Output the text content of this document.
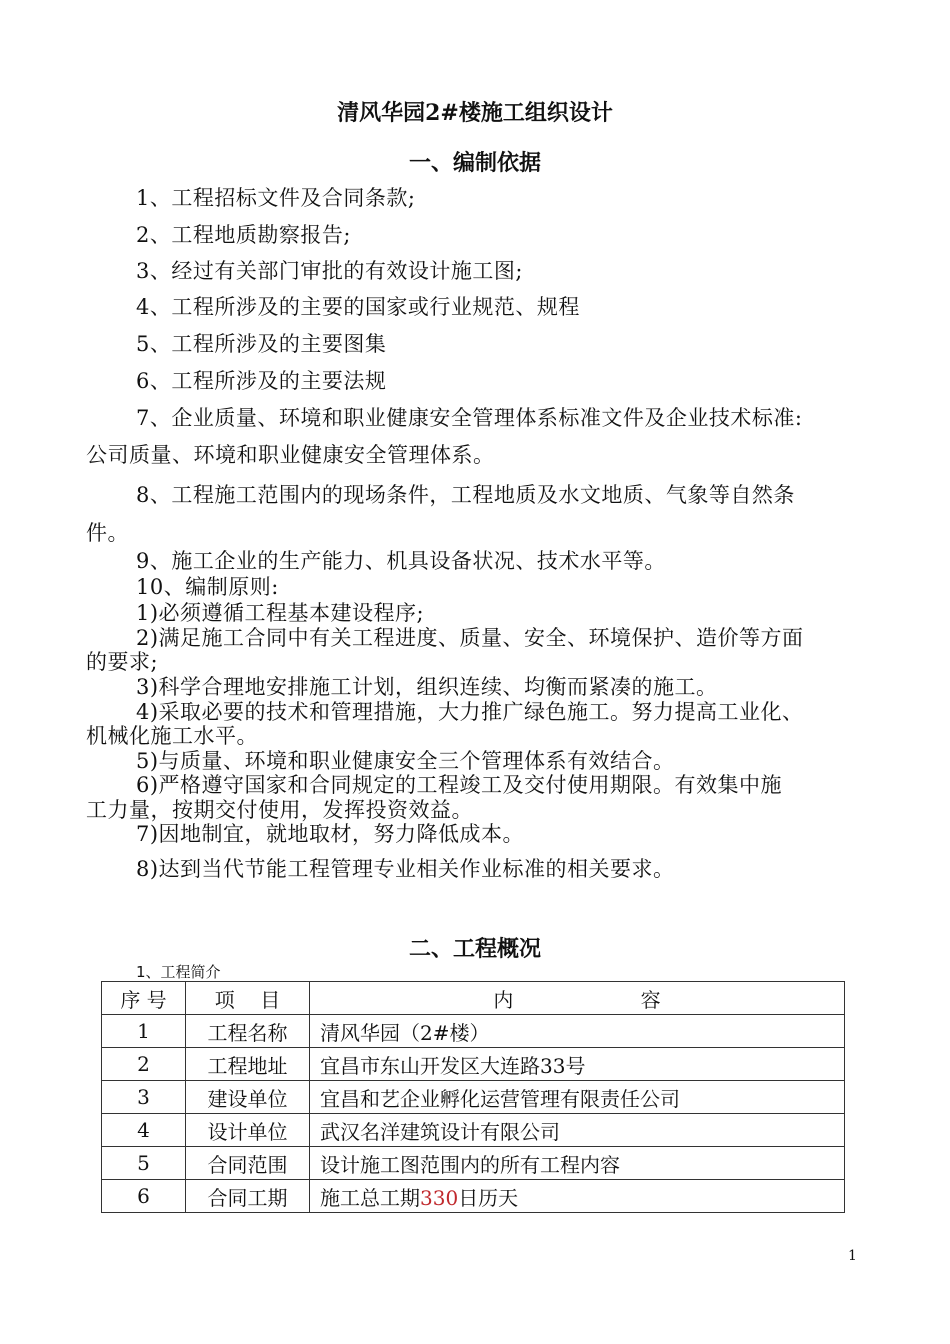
清风华园2#楼施工组织设计
一、编制依据
1、工程招标文件及合同条款;
2、工程地质勘察报告;
3、经过有关部门审批的有效设计施工图;
4、工程所涉及的主要的国家或行业规范、规程
5、工程所涉及的主要图集
6、工程所涉及的主要法规
7、企业质量、环境和职业健康安全管理体系标准文件及企业技术标准:
公司质量、环境和职业健康安全管理体系。
8、工程施工范围内的现场条件，工程地质及水文地质、气象等自然条
件。
9、施工企业的生产能力、机具设备状况、技术水平等。
10、编制原则:
1)必须遵循工程基本建设程序;
2)满足施工合同中有关工程进度、质量、安全、环境保护、造价等方面
的要求;
3)科学合理地安排施工计划，组织连续、均衡而紧凑的施工。
4)采取必要的技术和管理措施，大力推广绿色施工。努力提高工业化、
机械化施工水平。
5)与质量、环境和职业健康安全三个管理体系有效结合。
6)严格遵守国家和合同规定的工程竣工及交付使用期限。有效集中施
工力量，按期交付使用，发挥投资效益。
7)因地制宜，就地取材，努力降低成本。
8)达到当代节能工程管理专业相关作业标准的相关要求。
二、工程概况
1、工程简介
序 号	项    目	内                    容
1	工程名称	清风华园（2#楼）
2	工程地址	宜昌市东山开发区大连路33号
3	建设单位	宜昌和艺企业孵化运营管理有限责任公司
4	设计单位	武汉名洋建筑设计有限公司
5	合同范围	设计施工图范围内的所有工程内容
6	合同工期	施工总工期330日历天
1
